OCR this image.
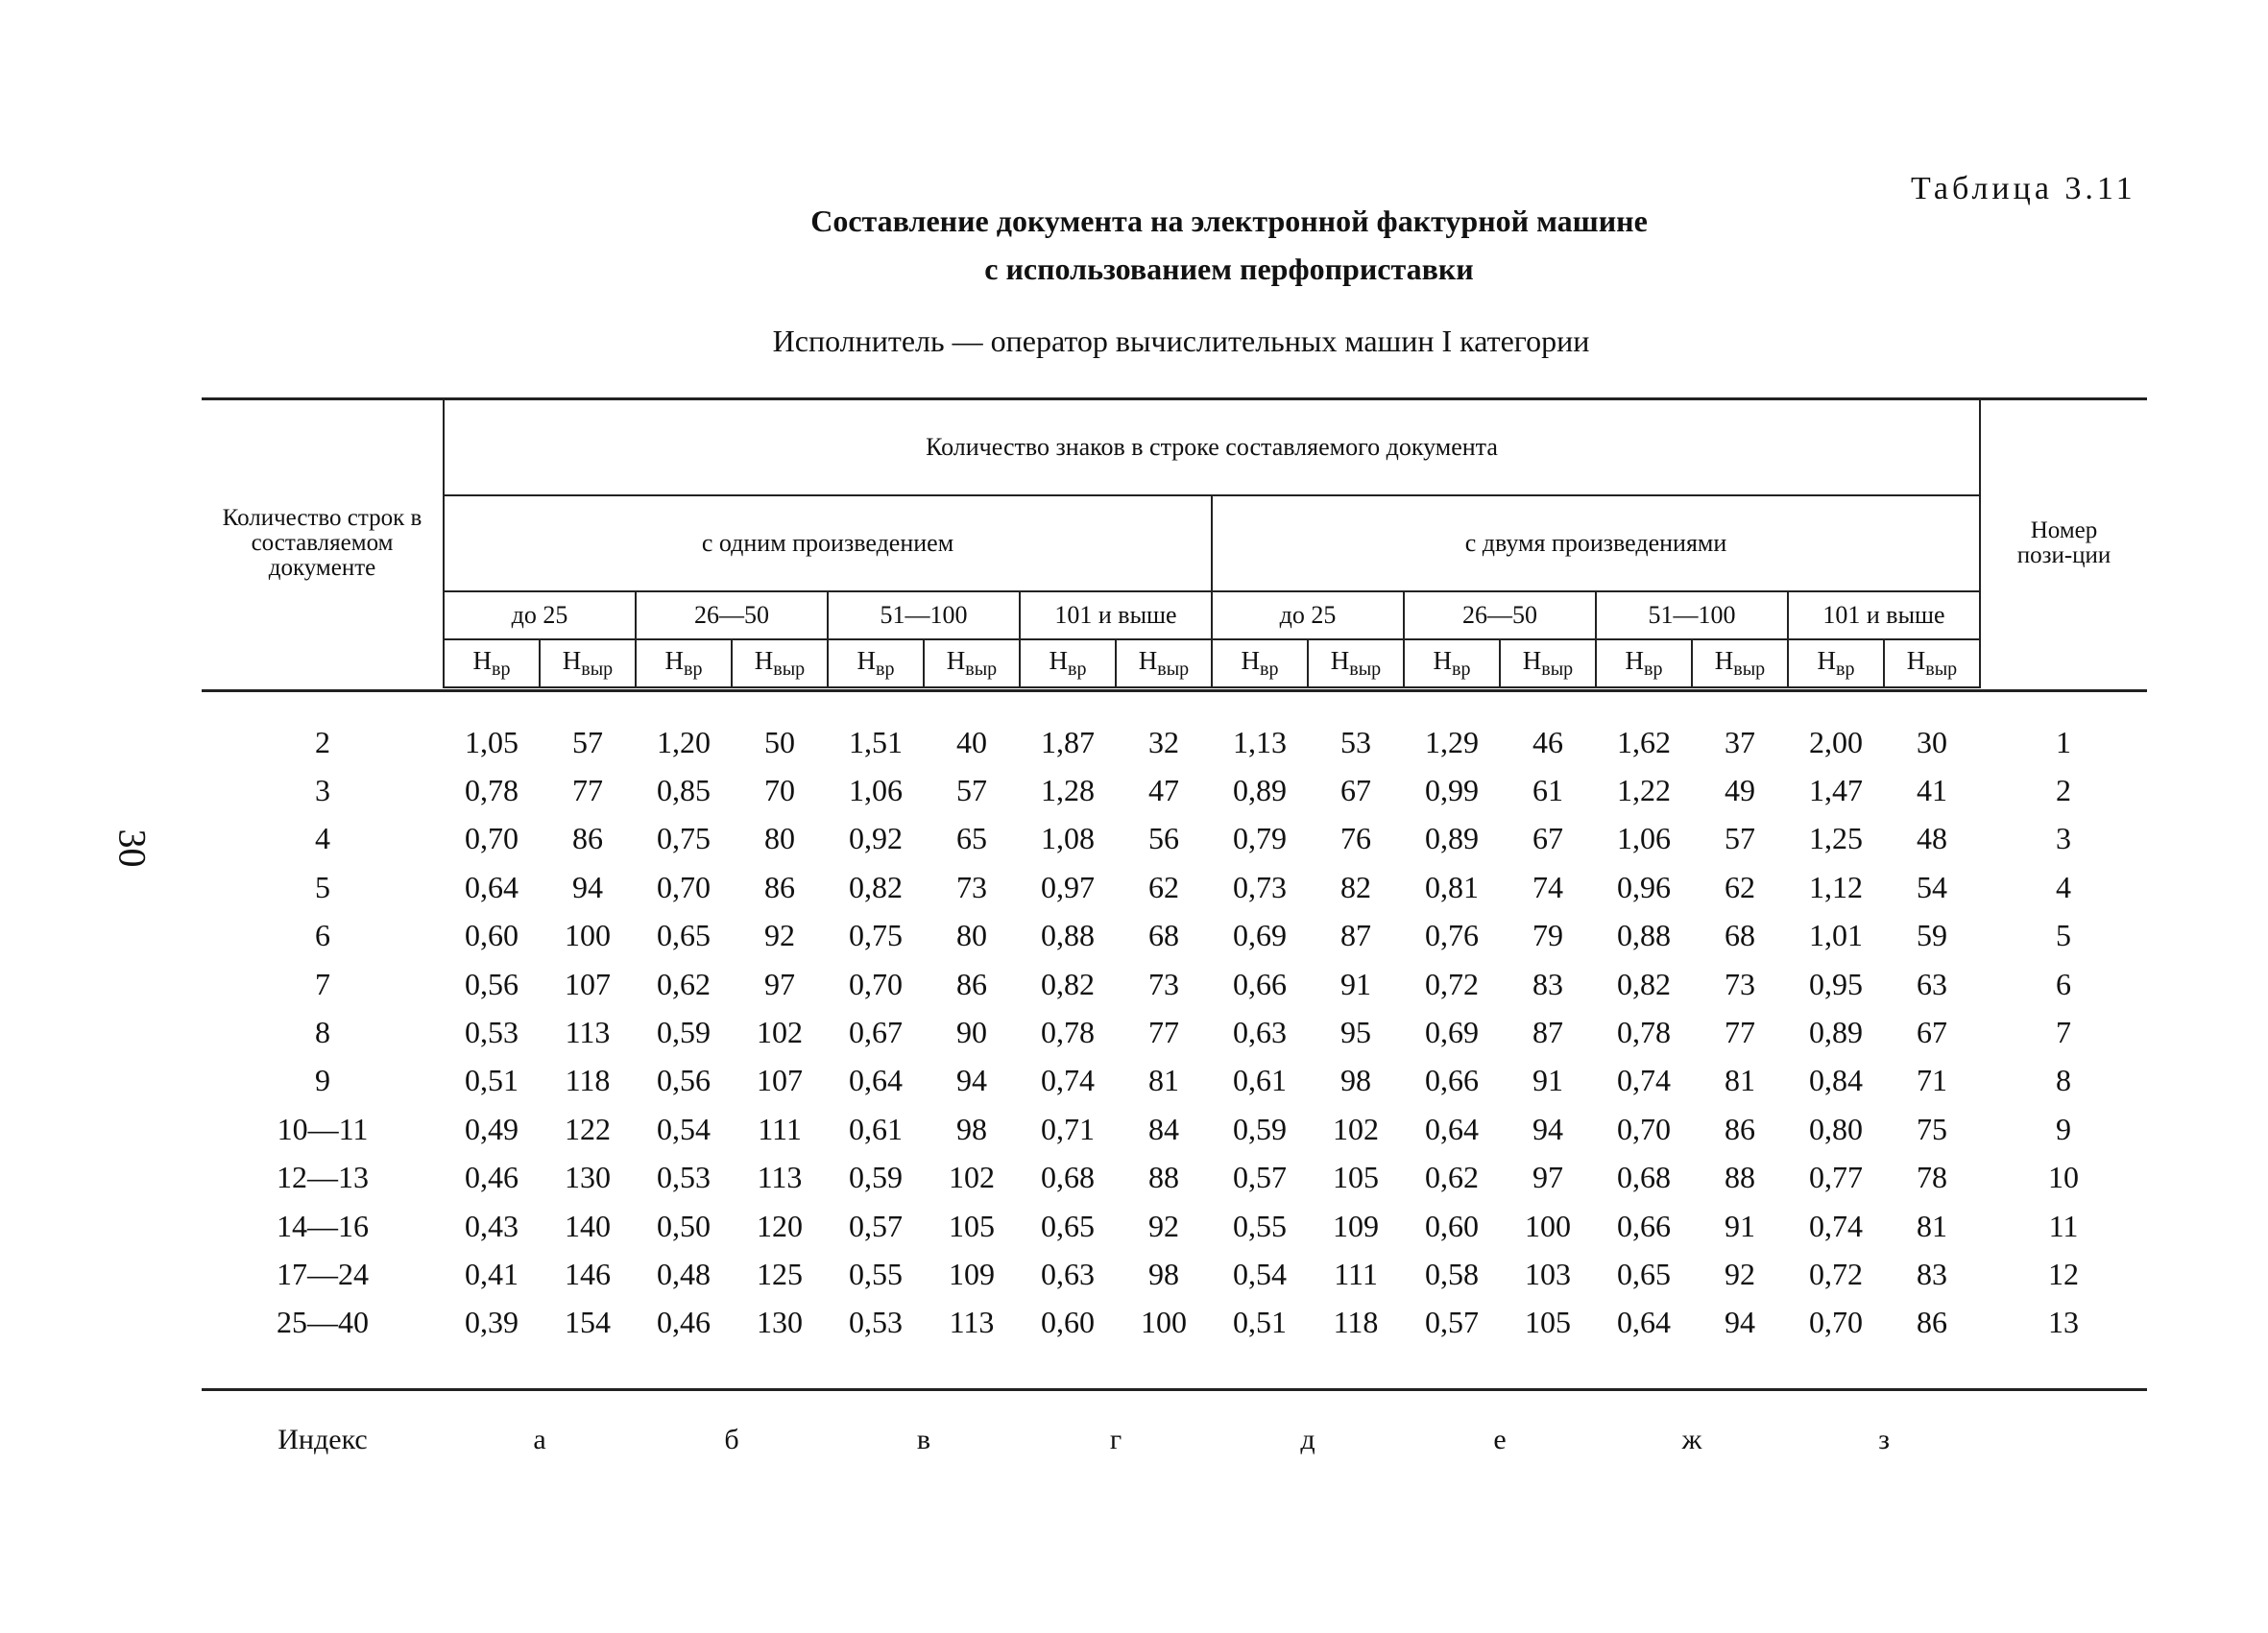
Таблица 3.11
Составление документа на электронной фактурной машине
с использованием перфоприставки
Исполнитель — оператор вычислительных машин I категории
30
Количество строк в составляемом документе	Количество знаков в строке составляемого документа																Номер пози-ции
	с одним произведением								с двумя произведениями								
	до 25		26—50		51—100		101 и выше		до 25		26—50		51—100		101 и выше		
	$Н_{вр}$	$Н_{выр}$	$Н_{вр}$	$Н_{выр}$	$Н_{вр}$	$Н_{выр}$	$Н_{вр}$	$Н_{выр}$	$Н_{вр}$	$Н_{выр}$	$Н_{вр}$	$Н_{выр}$	$Н_{вр}$	$Н_{выр}$	$Н_{вр}$	$Н_{выр}$
2	1,05	57	1,20	50	1,51	40	1,87	32	1,13	53	1,29	46	1,62	37	2,00	30	1
3	0,78	77	0,85	70	1,06	57	1,28	47	0,89	67	0,99	61	1,22	49	1,47	41	2
4	0,70	86	0,75	80	0,92	65	1,08	56	0,79	76	0,89	67	1,06	57	1,25	48	3
5	0,64	94	0,70	86	0,82	73	0,97	62	0,73	82	0,81	74	0,96	62	1,12	54	4
6	0,60	100	0,65	92	0,75	80	0,88	68	0,69	87	0,76	79	0,88	68	1,01	59	5
7	0,56	107	0,62	97	0,70	86	0,82	73	0,66	91	0,72	83	0,82	73	0,95	63	6
8	0,53	113	0,59	102	0,67	90	0,78	77	0,63	95	0,69	87	0,78	77	0,89	67	7
9	0,51	118	0,56	107	0,64	94	0,74	81	0,61	98	0,66	91	0,74	81	0,84	71	8
10—11	0,49	122	0,54	111	0,61	98	0,71	84	0,59	102	0,64	94	0,70	86	0,80	75	9
12—13	0,46	130	0,53	113	0,59	102	0,68	88	0,57	105	0,62	97	0,68	88	0,77	78	10
14—16	0,43	140	0,50	120	0,57	105	0,65	92	0,55	109	0,60	100	0,66	91	0,74	81	11
17—24	0,41	146	0,48	125	0,55	109	0,63	98	0,54	111	0,58	103	0,65	92	0,72	83	12
25—40	0,39	154	0,46	130	0,53	113	0,60	100	0,51	118	0,57	105	0,64	94	0,70	86	13
Индекс	а	б	в	г	д	е	ж	з
